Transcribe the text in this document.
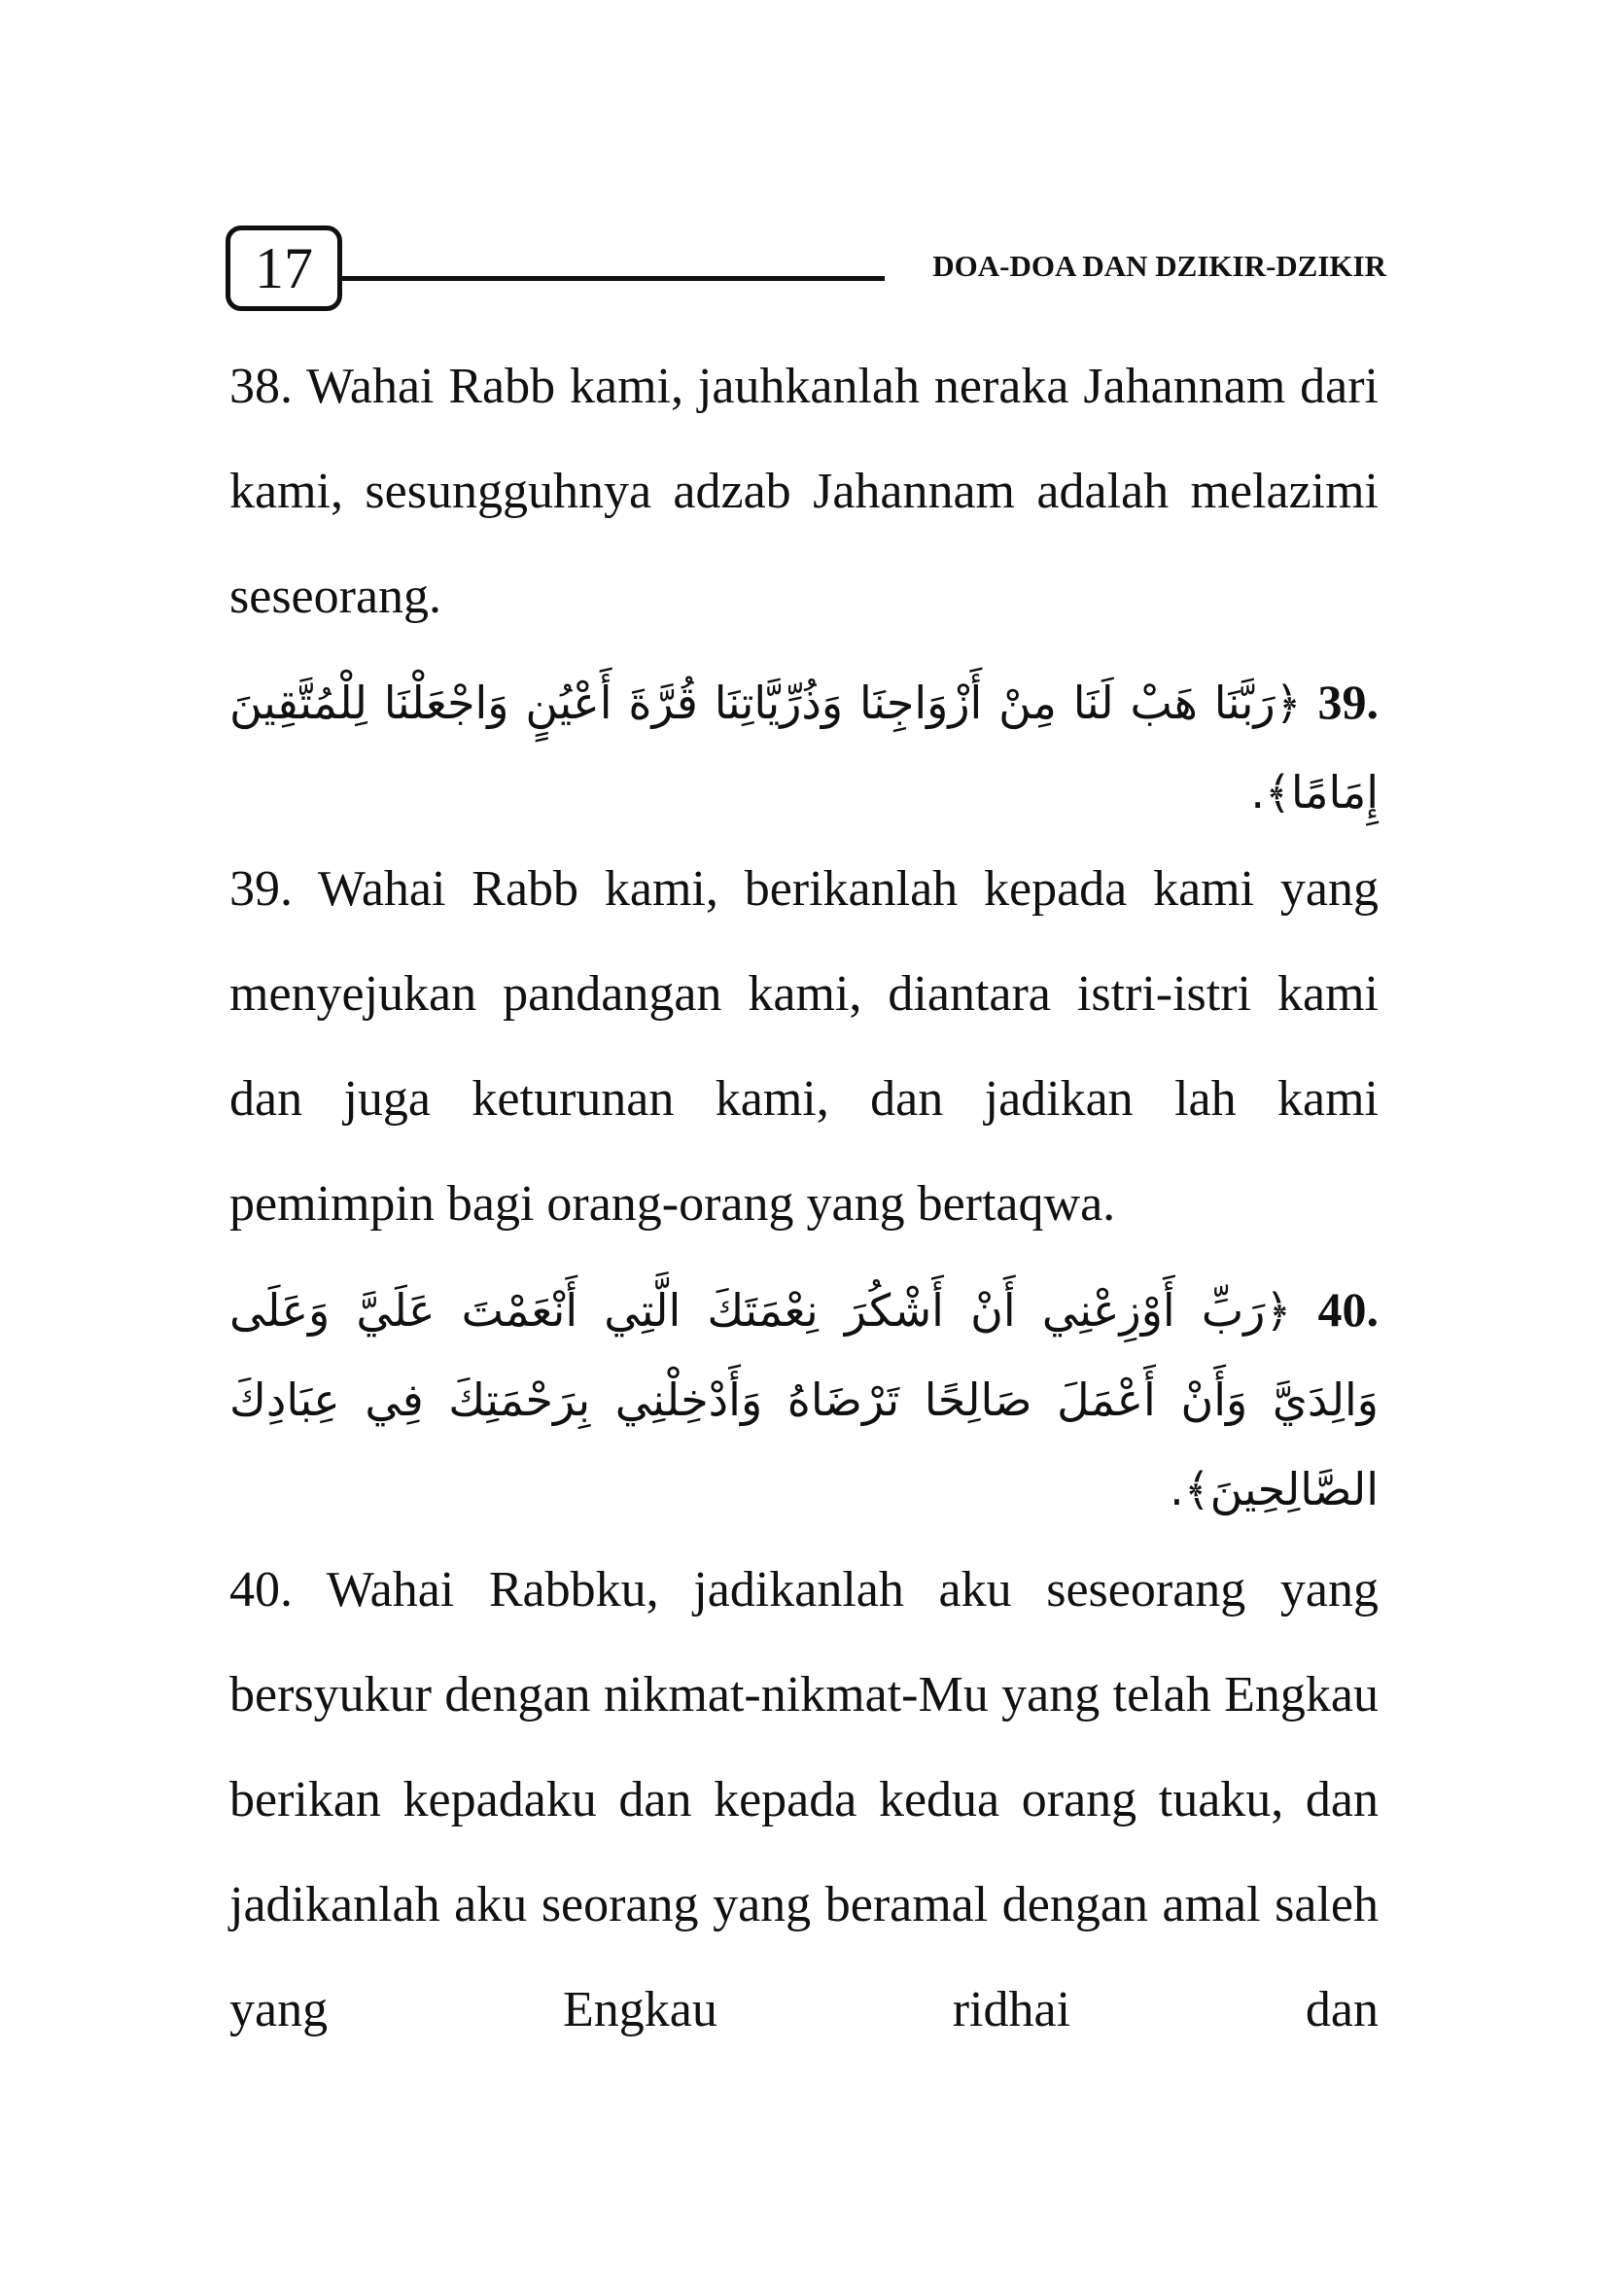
17	DOA-DOA DAN DZIKIR-DZIKIR

38. Wahai Rabb kami, jauhkanlah neraka Jahannam dari kami, sesungguhnya adzab Jahannam adalah melazimi seseorang.

39. ﴿رَبَّنَا هَبْ لَنَا مِنْ أَزْوَاجِنَا وَذُرِّيَّاتِنَا قُرَّةَ أَعْيُنٍ وَاجْعَلْنَا لِلْمُتَّقِينَ إِمَامًا﴾.

39. Wahai Rabb kami, berikanlah kepada kami yang menyejukan pandangan kami, diantara istri-istri kami dan juga keturunan kami, dan jadikan lah kami pemimpin bagi orang-orang yang bertaqwa.

40. ﴿رَبِّ أَوْزِعْنِي أَنْ أَشْكُرَ نِعْمَتَكَ الَّتِي أَنْعَمْتَ عَلَيَّ وَعَلَى وَالِدَيَّ وَأَنْ أَعْمَلَ صَالِحًا تَرْضَاهُ وَأَدْخِلْنِي بِرَحْمَتِكَ فِي عِبَادِكَ الصَّالِحِينَ﴾.

40. Wahai Rabbku, jadikanlah aku seseorang yang bersyukur dengan nikmat-nikmat-Mu yang telah Engkau berikan kepadaku dan kepada kedua orang tuaku, dan jadikanlah aku seorang yang beramal dengan amal saleh yang Engkau ridhai dan
